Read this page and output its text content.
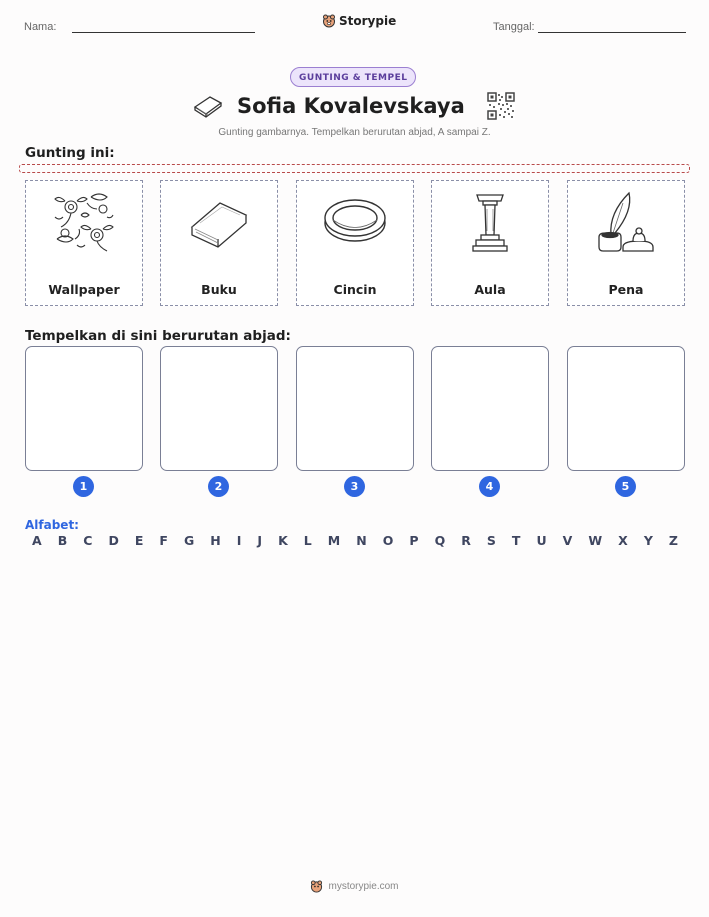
Nama:	Storypie	Tanggal:
GUNTING & TEMPEL
Sofia Kovalevskaya
Gunting gambarnya. Tempelkan berurutan abjad, A sampai Z.
Gunting ini:
Wallpaper	Buku	Cincin	Aula	Pena
Tempelkan di sini berurutan abjad:
1	2	3	4	5
Alfabet:
A B C D E F G H I J K L M N O P Q R S T U V W X Y Z
mystorypie.com
